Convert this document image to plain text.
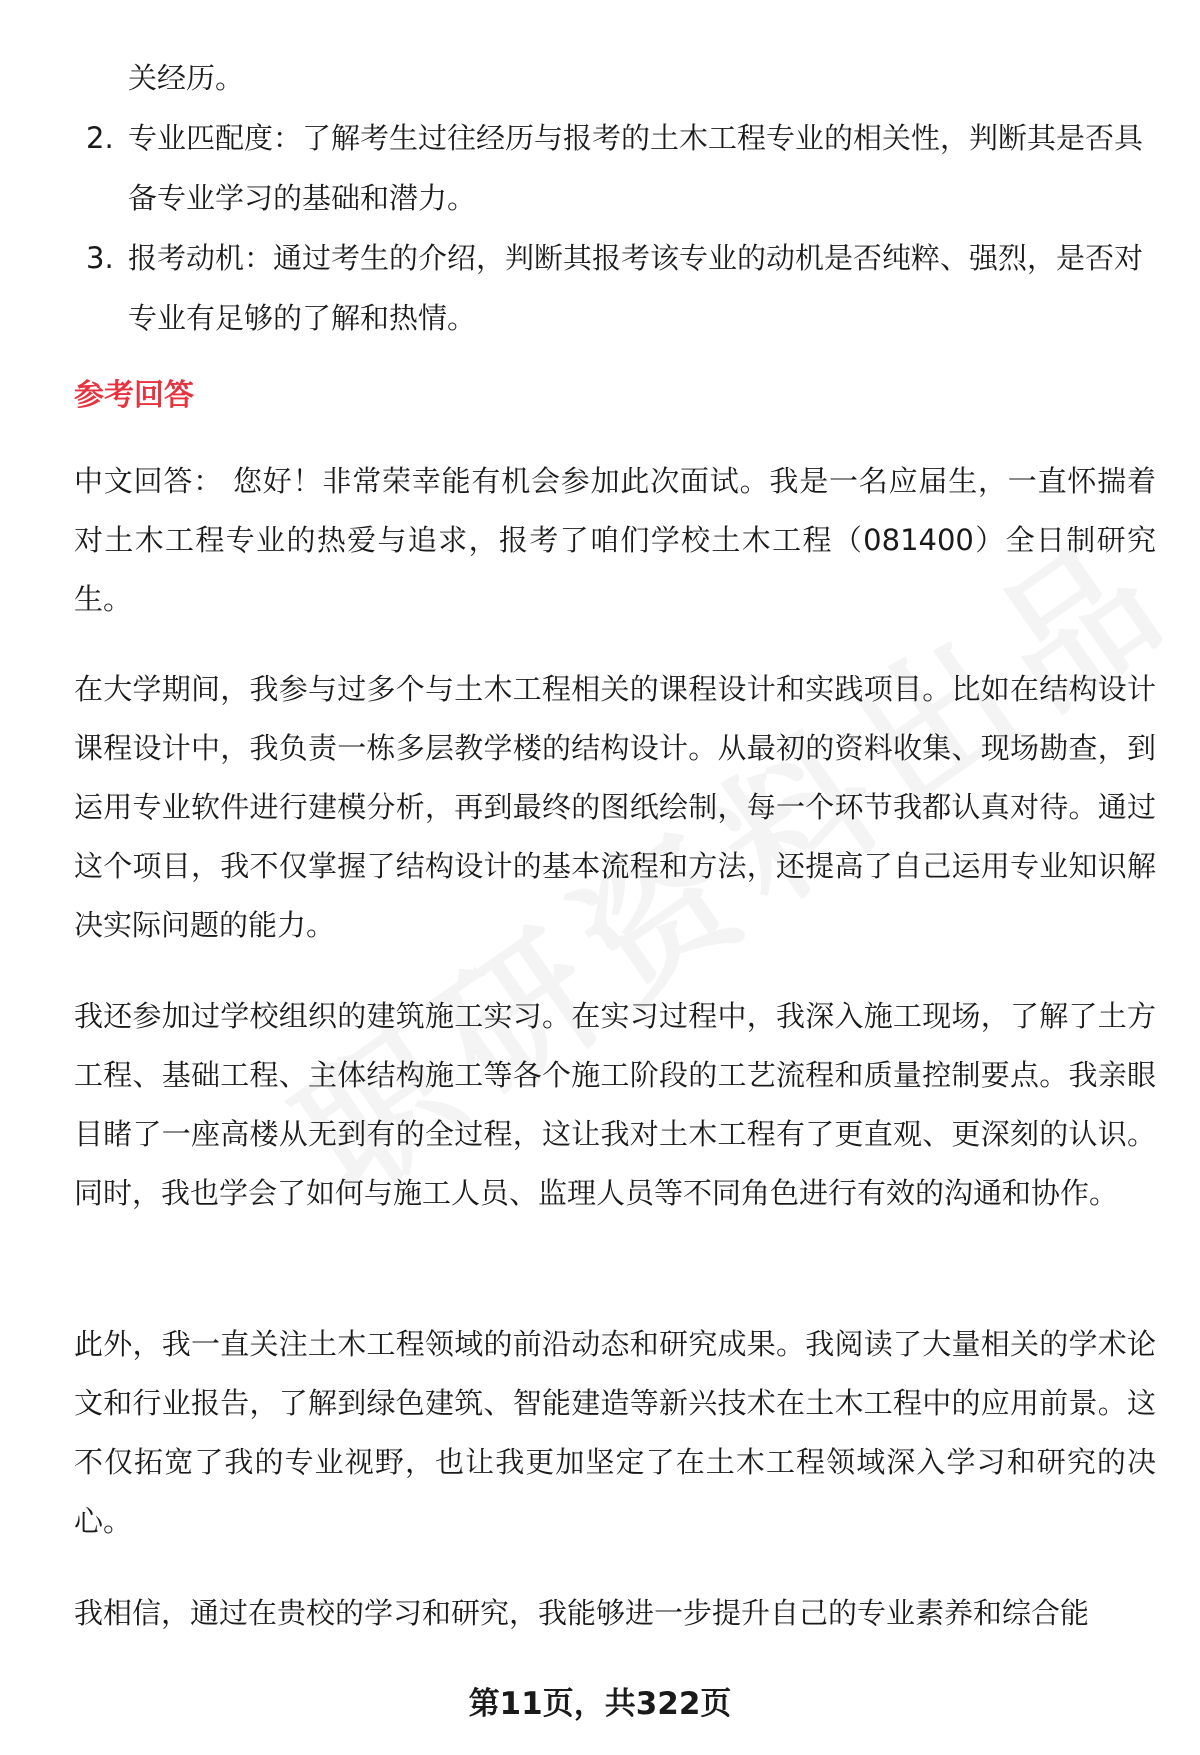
关经历。
2. 专业匹配度：了解考生过往经历与报考的土木工程专业的相关性，判断其是否具备专业学习的基础和潜力。
3. 报考动机：通过考生的介绍，判断其报考该专业的动机是否纯粹、强烈，是否对专业有足够的了解和热情。
参考回答
中文回答： 您好！非常荣幸能有机会参加此次面试。我是一名应届生，一直怀揣着对土木工程专业的热爱与追求，报考了咱们学校土木工程（081400）全日制研究生。
在大学期间，我参与过多个与土木工程相关的课程设计和实践项目。比如在结构设计课程设计中，我负责一栋多层教学楼的结构设计。从最初的资料收集、现场勘查，到运用专业软件进行建模分析，再到最终的图纸绘制，每一个环节我都认真对待。通过这个项目，我不仅掌握了结构设计的基本流程和方法，还提高了自己运用专业知识解决实际问题的能力。
我还参加过学校组织的建筑施工实习。在实习过程中，我深入施工现场，了解了土方工程、基础工程、主体结构施工等各个施工阶段的工艺流程和质量控制要点。我亲眼目睹了一座高楼从无到有的全过程，这让我对土木工程有了更直观、更深刻的认识。同时，我也学会了如何与施工人员、监理人员等不同角色进行有效的沟通和协作。
此外，我一直关注土木工程领域的前沿动态和研究成果。我阅读了大量相关的学术论文和行业报告，了解到绿色建筑、智能建造等新兴技术在土木工程中的应用前景。这不仅拓宽了我的专业视野，也让我更加坚定了在土木工程领域深入学习和研究的决心。
我相信，通过在贵校的学习和研究，我能够进一步提升自己的专业素养和综合能
第11页，共322页
